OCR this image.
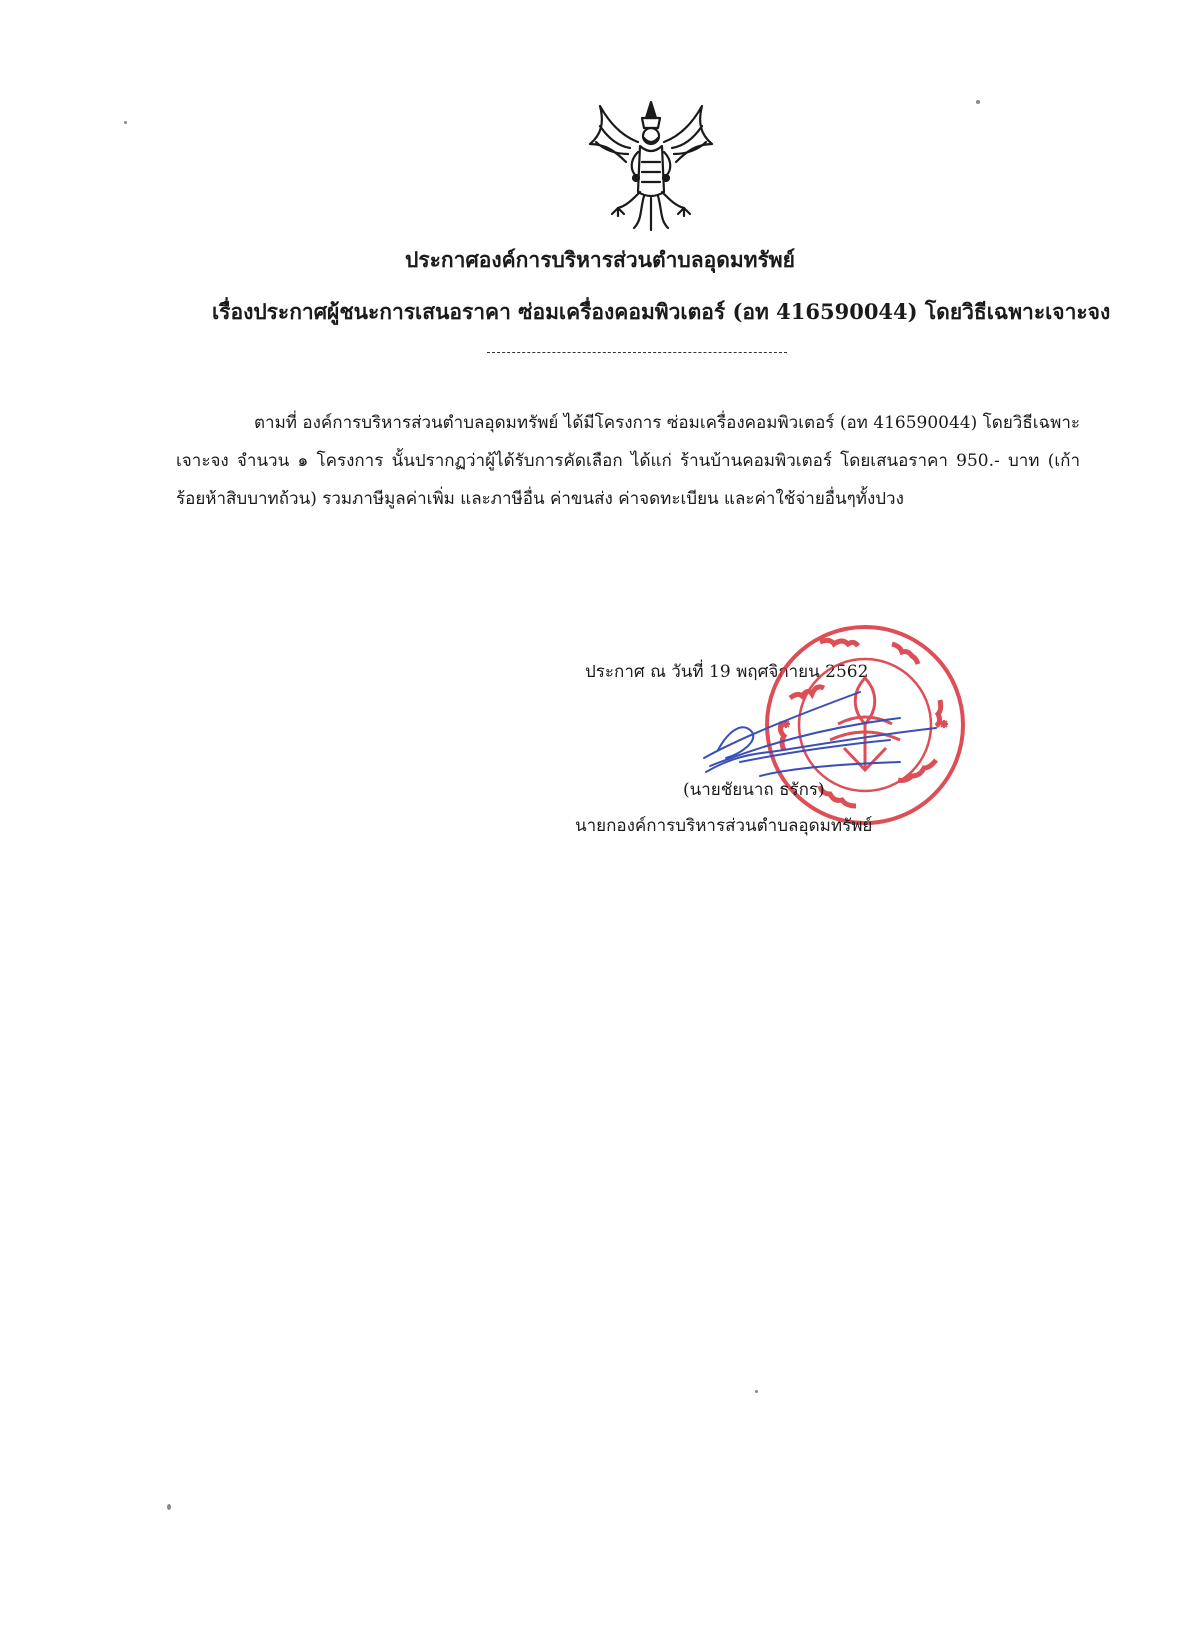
ประกาศองค์การบริหารส่วนตำบลอุดมทรัพย์
เรื่องประกาศผู้ชนะการเสนอราคา ซ่อมเครื่องคอมพิวเตอร์ (อท 416590044) โดยวิธีเฉพาะเจาะจง
ตามที่ องค์การบริหารส่วนตำบลอุดมทรัพย์ ได้มีโครงการ ซ่อมเครื่องคอมพิวเตอร์ (อท 416590044) โดยวิธีเฉพาะเจาะจง จำนวน ๑ โครงการ นั้นปรากฏว่าผู้ได้รับการคัดเลือก ได้แก่ ร้านบ้านคอมพิวเตอร์ โดยเสนอราคา 950.- บาท (เก้าร้อยห้าสิบบาทถ้วน) รวมภาษีมูลค่าเพิ่ม และภาษีอื่น ค่าขนส่ง ค่าจดทะเบียน และค่าใช้จ่ายอื่นๆทั้งปวง
ประกาศ ณ วันที่ 19 พฤศจิกายน 2562
(นายชัยนาถ ธรักร)
นายกองค์การบริหารส่วนตำบลอุดมทรัพย์
